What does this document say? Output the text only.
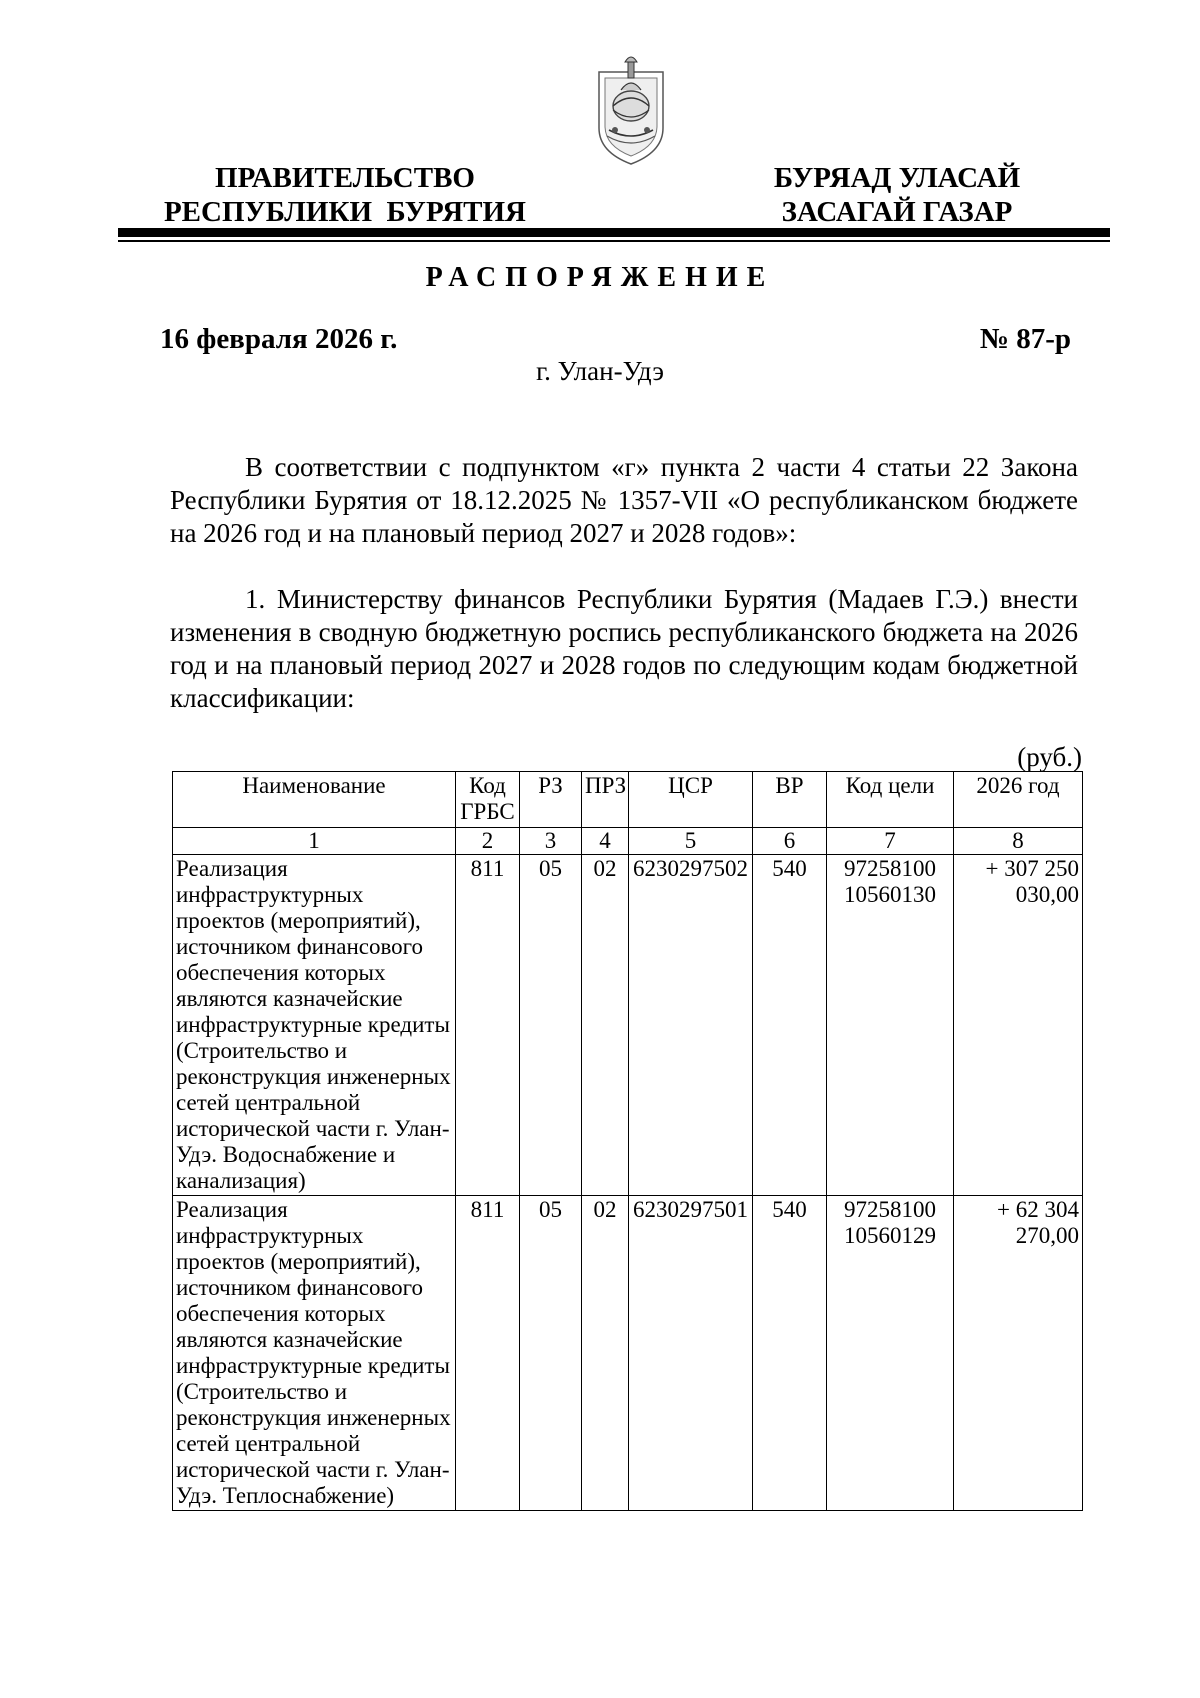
ПРАВИТЕЛЬСТВО
РЕСПУБЛИКИ  БУРЯТИЯ
БУРЯАД УЛАСАЙ
ЗАСАГАЙ ГАЗАР
РАСПОРЯЖЕНИЕ
16 февраля 2026 г.	№ 87-р
г. Улан-Удэ

В соответствии с подпунктом «г» пункта 2 части 4 статьи 22 Закона Республики Бурятия от 18.12.2025 № 1357-VII «О республиканском бюджете на 2026 год и на плановый период 2027 и 2028 годов»:

1. Министерству финансов Республики Бурятия (Мадаев Г.Э.) внести изменения в сводную бюджетную роспись республиканского бюджета на 2026 год и на плановый период 2027 и 2028 годов по следующим кодам бюджетной классификации:

(руб.)
Наименование	Код ГРБС	РЗ	ПРЗ	ЦСР	ВР	Код цели	2026 год
1	2	3	4	5	6	7	8
Реализация инфраструктурных проектов (мероприятий), источником финансового обеспечения которых являются казначейские инфраструктурные кредиты (Строительство и реконструкция инженерных сетей центральной исторической части г. Улан-Удэ. Водоснабжение и канализация)	811	05	02	6230297502	540	97258100 10560130	+ 307 250 030,00
Реализация инфраструктурных проектов (мероприятий), источником финансового обеспечения которых являются казначейские инфраструктурные кредиты (Строительство и реконструкция инженерных сетей центральной исторической части г. Улан-Удэ. Теплоснабжение)	811	05	02	6230297501	540	97258100 10560129	+ 62 304 270,00
